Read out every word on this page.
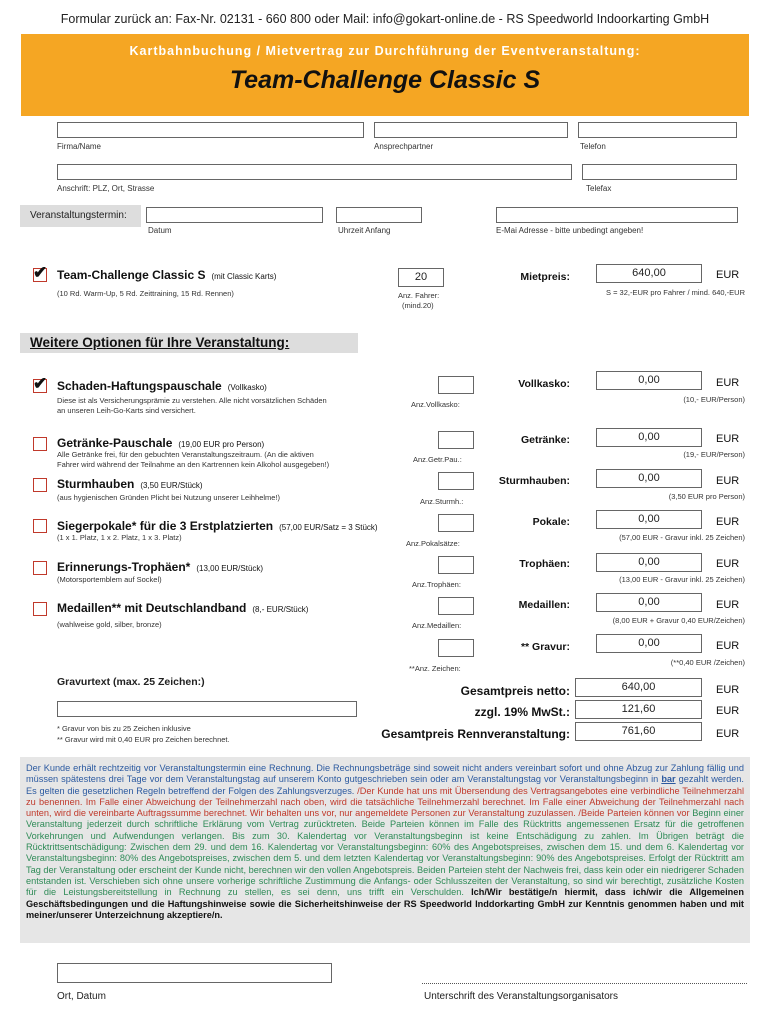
Formular zurück an: Fax-Nr. 02131 - 660 800 oder Mail: info@gokart-online.de - RS Speedworld Indoorkarting GmbH
Kartbahnbuchung / Mietvertrag zur Durchführung der Eventveranstaltung:
Team-Challenge Classic S
Firma/Name	Ansprechpartner	Telefon
Anschrift: PLZ, Ort, Strasse	Telefax
Veranstaltungstermin:
Datum	Uhrzeit Anfang	E-Mai Adresse - bitte unbedingt angeben!
✔ Team-Challenge Classic S (mit Classic Karts)
(10 Rd. Warm-Up, 5 Rd. Zeittraining, 15 Rd. Rennen)
20
Anz. Fahrer:
(mind.20)
Mietpreis:	640,00	EUR
S = 32,-EUR pro Fahrer / mind. 640,-EUR
Weitere Optionen für Ihre Veranstaltung:
✔ Schaden-Haftungspauschale (Vollkasko)
Diese ist als Versicherungsprämie zu verstehen. Alle nicht vorsätzlichen Schäden
an unseren Leih-Go-Karts sind versichert.
Anz.Vollkasko:
Vollkasko:	0,00	EUR
(10,- EUR/Person)
Getränke-Pauschale (19,00 EUR pro Person)
Alle Getränke frei, für den gebuchten Veranstaltungszeitraum. (An die aktiven
Fahrer wird während der Teilnahme an den Kartrennen kein Alkohol ausgegeben!)
Anz.Getr.Pau.:
Getränke:	0,00	EUR
(19,- EUR/Person)
Sturmhauben (3,50 EUR/Stück)
(aus hygienischen Gründen Plicht bei Nutzung unserer Leihhelme!)	Anz.Sturmh.:
Sturmhauben:	0,00	EUR
(3,50 EUR pro Person)
Siegerpokale* für die 3 Erstplatzierten (57,00 EUR/Satz = 3 Stück)
(1 x 1. Platz, 1 x 2. Platz, 1 x 3. Platz)
Anz.Pokalsätze:
Pokale:	0,00	EUR
(57,00 EUR - Gravur inkl. 25 Zeichen)
Erinnerungs-Trophäen* (13,00 EUR/Stück)
(Motorsportemblem auf Sockel)
Anz.Trophäen:
Trophäen:	0,00	EUR
(13,00 EUR - Gravur inkl. 25 Zeichen)
Medaillen** mit Deutschlandband (8,- EUR/Stück)
(wahlweise gold, silber, bronze)	Anz.Medaillen:
Medaillen:	0,00	EUR
(8,00 EUR + Gravur 0,40 EUR/Zeichen)
**Anz. Zeichen:
** Gravur:	0,00	EUR
(**0,40 EUR /Zeichen)
Gravurtext (max. 25 Zeichen:)
* Gravur von bis zu 25 Zeichen inklusive
** Gravur wird mit 0,40 EUR pro Zeichen berechnet.
Gesamtpreis netto:	640,00	EUR
zzgl. 19% MwSt.:	121,60	EUR
Gesamtpreis Rennveranstaltung:	761,60	EUR
Der Kunde erhält rechtzeitig vor Veranstaltungstermin eine Rechnung. Die Rechnungsbeträge sind soweit nicht anders vereinbart sofort und ohne Abzug zur Zahlung fällig und müssen spätestens drei Tage vor dem Veranstaltungstag auf unserem Konto gutgeschrieben sein oder am Veranstaltungstag vor Veranstaltungsbeginn in bar gezahlt werden. Es gelten die gesetzlichen Regeln betreffend der Folgen des Zahlungsverzuges. /Der Kunde hat uns mit Übersendung des Vertragsangebotes eine verbindliche Teilnehmerzahl zu benennen. Im Falle einer Abweichung der Teilnehmerzahl nach oben, wird die tatsächliche Teilnehmerzahl berechnet. Im Falle einer Abweichung der Teilnehmerzahl nach unten, wird die vereinbarte Auftragssumme berechnet. Wir behalten uns vor, nur angemeldete Personen zur Veranstaltung zuzulassen. /Beide Parteien können vor Beginn einer Veranstaltung jederzeit durch schriftliche Erklärung vom Vertrag zurücktreten. Beide Parteien können im Falle des Rücktritts angemessenen Ersatz für die getroffenen Vorkehrungen und Aufwendungen verlangen. Bis zum 30. Kalendertag vor Veranstaltungsbeginn ist keine Entschädigung zu zahlen. Im Übrigen beträgt die Rücktrittsentschädigung: Zwischen dem 29. und dem 16. Kalendertag vor Veranstaltungsbeginn: 60% des Angebotspreises, zwischen dem 15. und dem 6. Kalendertag vor Veranstaltungsbeginn: 80% des Angebotspreises, zwischen dem 5. und dem letzten Kalendertag vor Veranstaltungsbeginn: 90% des Angebotspreises. Erfolgt der Rücktritt am Tag der Veranstaltung oder erscheint der Kunde nicht, berechnen wir den vollen Angebotspreis. Beiden Parteien steht der Nachweis frei, dass kein oder ein niedrigerer Schaden entstanden ist. Verschieben sich ohne unsere vorherige schriftliche Zustimmung die Anfangs- oder Schlusszeiten der Veranstaltung, so sind wir berechtigt, zusätzliche Kosten für die Leistungsbereitstellung in Rechnung zu stellen, es sei denn, uns trifft ein Verschulden. Ich/Wir bestätige/n hiermit, dass ich/wir die Allgemeinen Geschäftsbedingungen und die Haftungshinweise sowie die Sicherheitshinweise der RS Speedworld Inddorkarting GmbH zur Kenntnis genommen haben und mit meiner/unserer Unterzeichnung akzeptiere/n.
Ort, Datum	Unterschrift des Veranstaltungsorganisators
